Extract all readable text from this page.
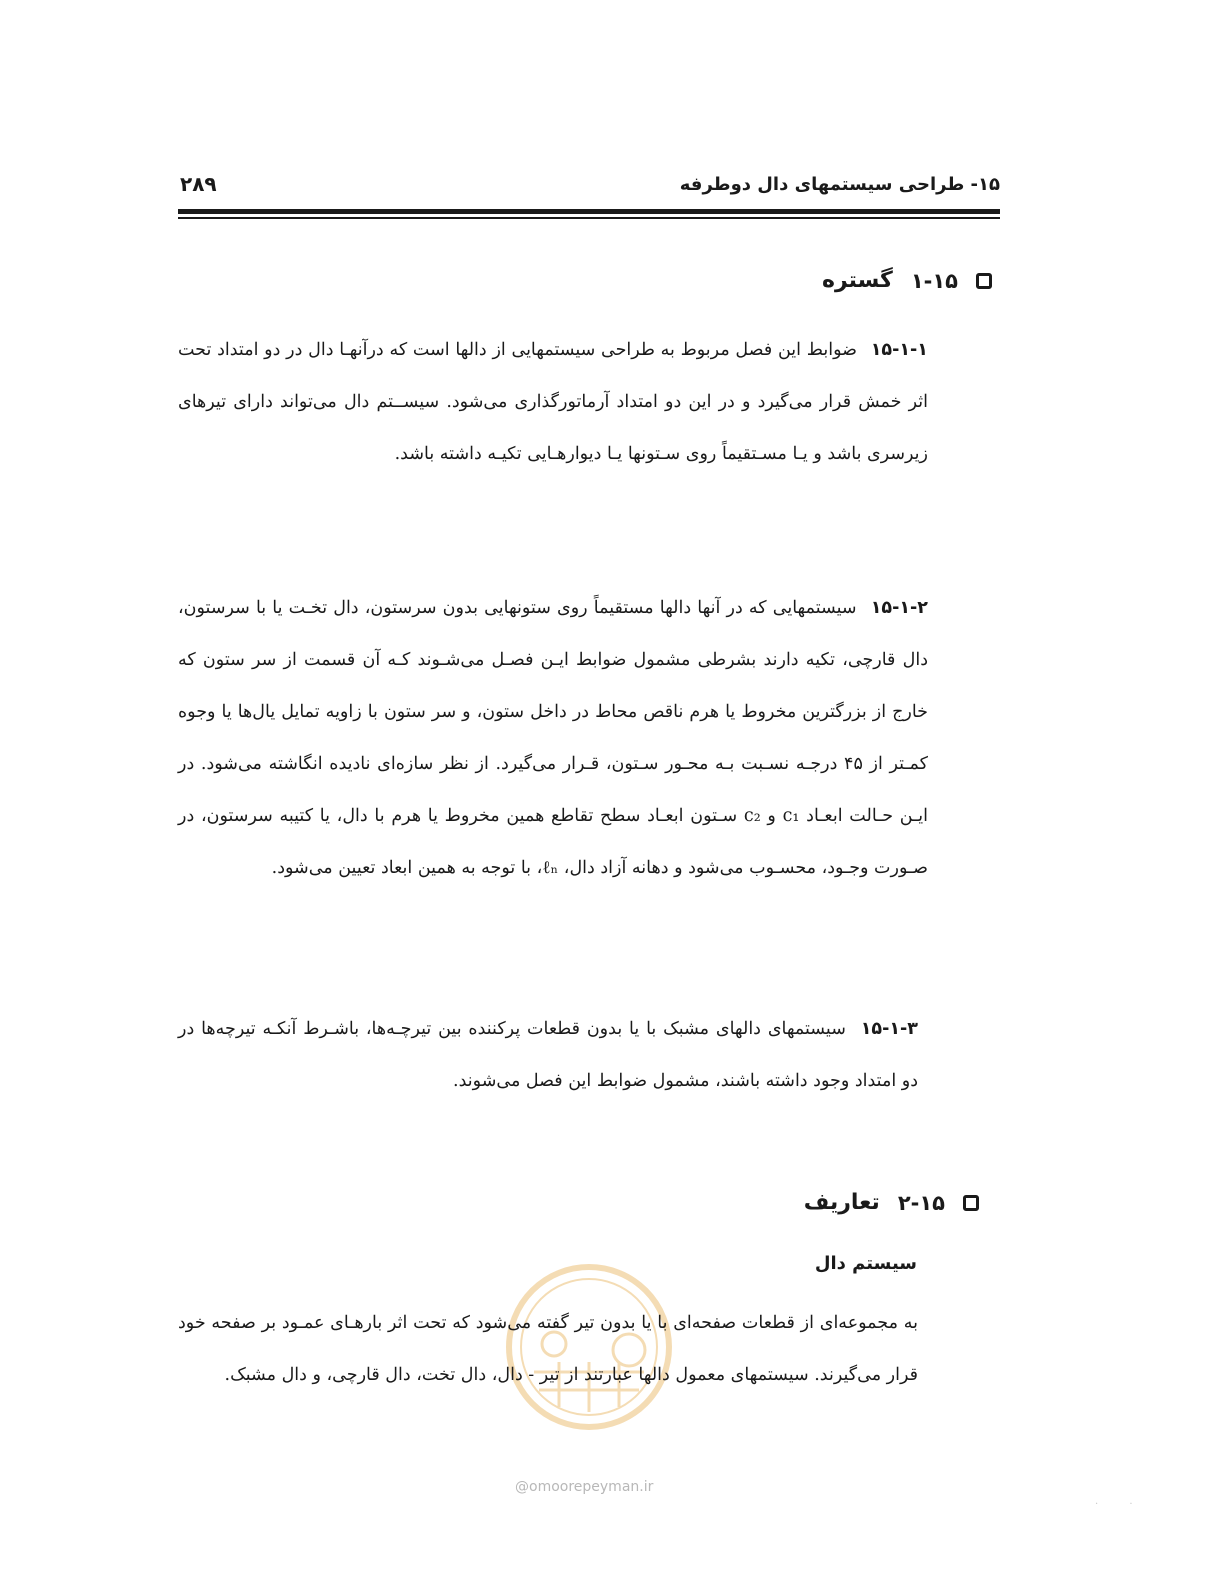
۱۵- طراحی سیستمهای دال دوطرفه
۲۸۹
۱-۱۵
گستره
۱۵-۱-۱ ضوابط این فصل مربوط به طراحی سیستمهایی از دالها است که درآنهـا دال در دو امتداد تحت اثر خمش قرار می‌گیرد و در این دو امتداد آرماتورگذاری می‌شود. سیســتم دال می‌تواند دارای تیرهای زیرسری باشد و یـا مسـتقیماً روی سـتونها یـا دیوارهـایی تکیـه داشته باشد.
۱۵-۱-۲ سیستمهایی که در آنها دالها مستقیماً روی ستونهایی بدون سرستون، دال تخـت یا با سرستون، دال قارچی، تکیه دارند بشرطی مشمول ضوابط ایـن فصـل می‌شـوند کـه آن قسمت از سر ستون که خارج از بزرگترین مخروط یا هرم ناقص محاط در داخل ستون، و سر ستون با زاویه تمایل یال‌ها یا وجوه کمـتر از ۴۵ درجـه نسـبت بـه محـور سـتون، قـرار می‌گیرد. از نظر سازه‌ای نادیده انگاشته می‌شود. در ایـن حـالت ابعـاد c₁ و c₂ سـتون ابعـاد سطح تقاطع همین مخروط یا هرم با دال، یا کتیبه سرستون، در صـورت وجـود، محسـوب می‌شود و دهانه آزاد دال، ℓₙ، با توجه به همین ابعاد تعیین می‌شود.
۱۵-۱-۳ سیستمهای دالهای مشبک با یا بدون قطعات پرکننده بین تیرچـه‌ها، باشـرط آنکـه تیرچه‌ها در دو امتداد وجود داشته باشند، مشمول ضوابط این فصل می‌شوند.
۲-۱۵
تعاریف
سیستم دال
به مجموعه‌ای از قطعات صفحه‌ای با یا بدون تیر گفته می‌شود که تحت اثر بارهـای عمـود بر صفحه خود قرار می‌گیرند. سیستمهای معمول دالها عبارتند از تیر - دال، دال تخت، دال قارچی، و دال مشبک.
@omoorepeyman.ir
. .
